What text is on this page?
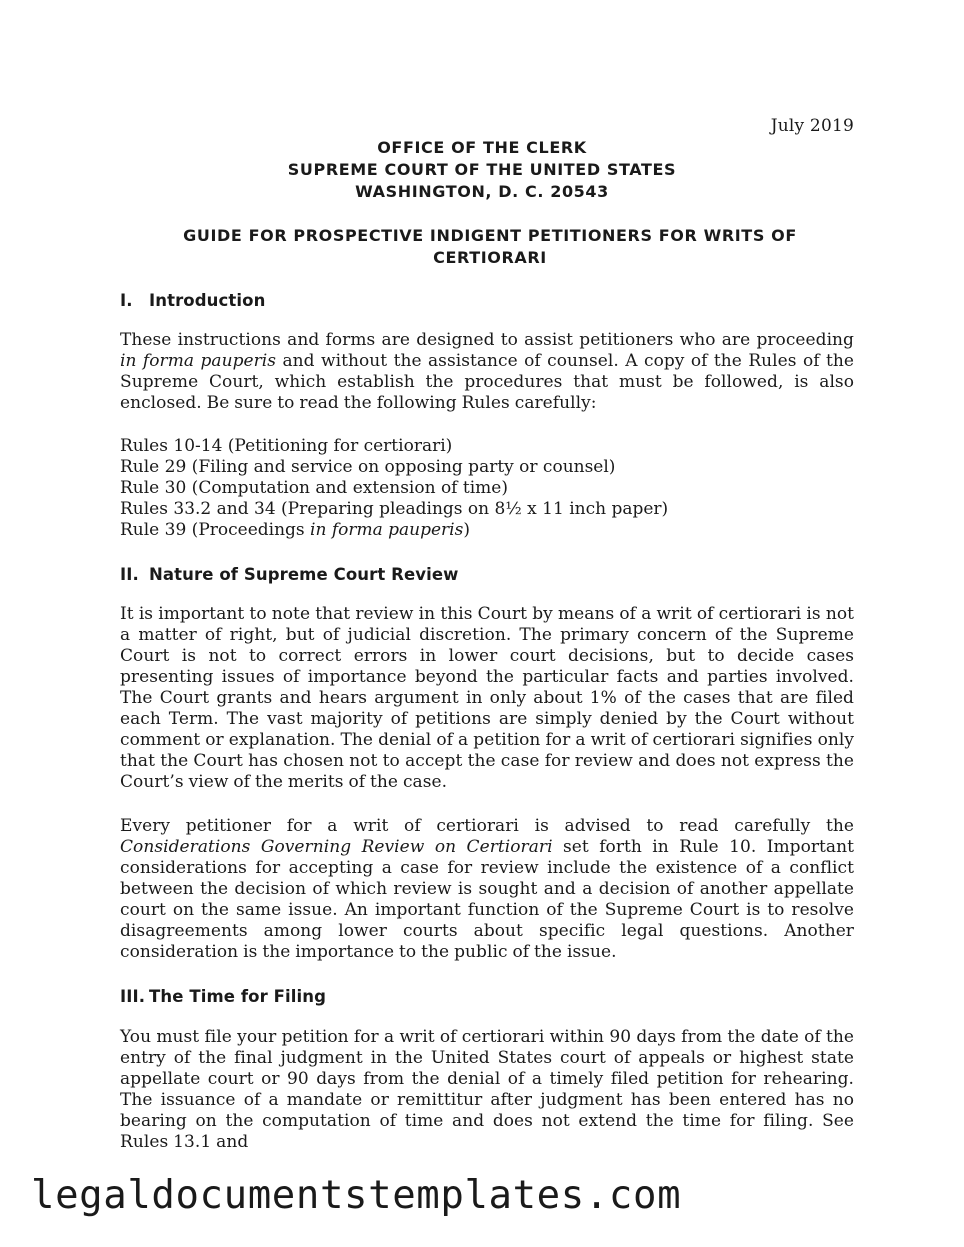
July 2019
OFFICE OF THE CLERK
SUPREME COURT OF THE UNITED STATES
WASHINGTON, D. C. 20543
GUIDE FOR PROSPECTIVE INDIGENT PETITIONERS FOR WRITS OF CERTIORARI
I. Introduction

These instructions and forms are designed to assist petitioners who are proceeding in forma pauperis and without the assistance of counsel. A copy of the Rules of the Supreme Court, which establish the procedures that must be followed, is also enclosed. Be sure to read the following Rules carefully:

Rules 10-14 (Petitioning for certiorari)
Rule 29 (Filing and service on opposing party or counsel)
Rule 30 (Computation and extension of time)
Rules 33.2 and 34 (Preparing pleadings on 8½ x 11 inch paper)
Rule 39 (Proceedings in forma pauperis)
II. Nature of Supreme Court Review

It is important to note that review in this Court by means of a writ of certiorari is not a matter of right, but of judicial discretion. The primary concern of the Supreme Court is not to correct errors in lower court decisions, but to decide cases presenting issues of importance beyond the particular facts and parties involved. The Court grants and hears argument in only about 1% of the cases that are filed each Term. The vast majority of petitions are simply denied by the Court without comment or explanation. The denial of a petition for a writ of certiorari signifies only that the Court has chosen not to accept the case for review and does not express the Court’s view of the merits of the case.

Every petitioner for a writ of certiorari is advised to read carefully the Considerations Governing Review on Certiorari set forth in Rule 10. Important considerations for accepting a case for review include the existence of a conflict between the decision of which review is sought and a decision of another appellate court on the same issue. An important function of the Supreme Court is to resolve disagreements among lower courts about specific legal questions. Another consideration is the importance to the public of the issue.

III. The Time for Filing

You must file your petition for a writ of certiorari within 90 days from the date of the entry of the final judgment in the United States court of appeals or highest state appellate court or 90 days from the denial of a timely filed petition for rehearing. The issuance of a mandate or remittitur after judgment has been entered has no bearing on the computation of time and does not extend the time for filing. See Rules 13.1 and

legaldocumentstemplates.com
